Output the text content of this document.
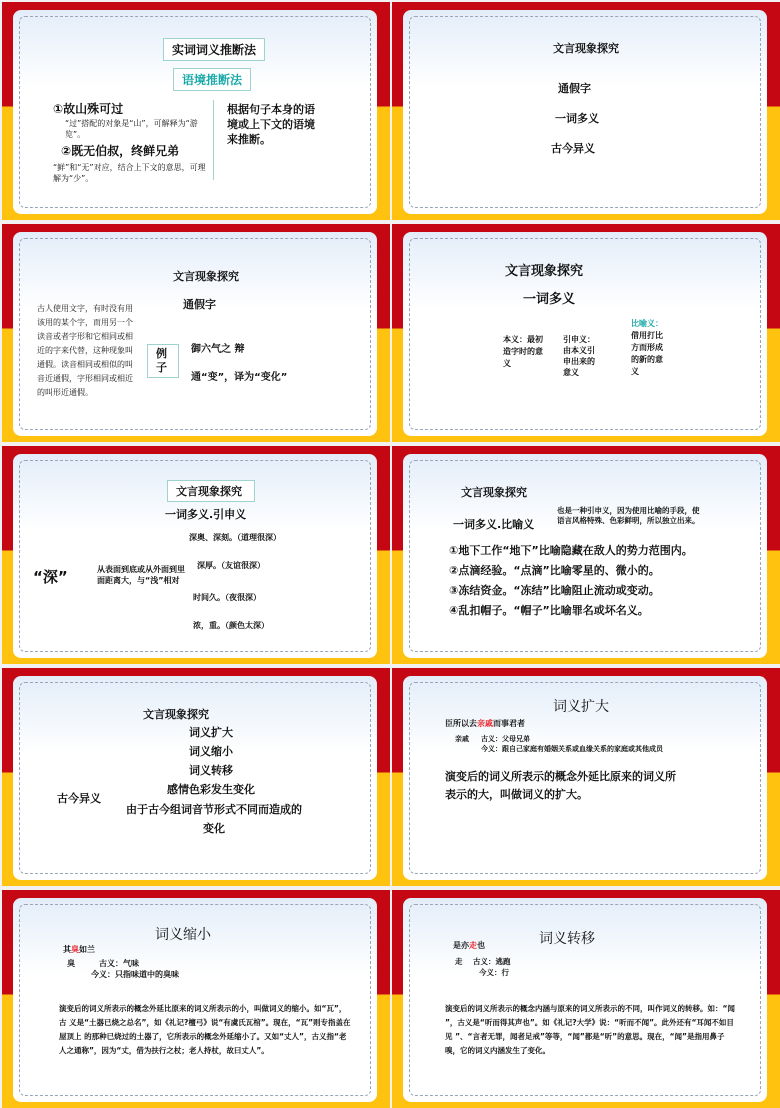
实词词义推断法
语境推断法
①故山殊可过
“过”搭配的对象是“山”，可解释为“游览”。
②既无伯叔，终鲜兄弟
“鲜”和“无”对应，结合上下文的意思，可理解为“少”。
根据句子本身的语境或上下文的语境来推断。
文言现象探究
通假字
一词多义
古今异义
文言现象探究
通假字
古人使用文字，有时没有用该用的某个字，而用另一个读音或者字形和它相同或相近的字来代替，这种现象叫通假。读音相同或相似的叫音近通假，字形相同或相近的叫形近通假。
例子
御六气之 辩
通“变”，译为“变化”
文言现象探究
一词多义
本义：最初造字时的意义
引申义：由本义引申出来的意义
比喻义：
借用打比方而形成的新的意义
文言现象探究
一词多义.引申义
“深”	从表面到底或从外面到里面距离大，与“浅”相对
深奥、深刻。（道理很深）
深厚。（友谊很深）
时间久。（夜很深）
浓，重。（颜色太深）
文言现象探究
一词多义.比喻义
也是一种引申义，因为使用比喻的手段，使语言风格特殊、色彩鲜明，所以独立出来。
①地下工作“地下”比喻隐藏在敌人的势力范围内。
②点滴经验。“点滴”比喻零星的、微小的。
③冻结资金。“冻结”比喻阻止流动或变动。
④乱扣帽子。“帽子”比喻罪名或坏名义。
文言现象探究
古今异义
词义扩大
词义缩小
词义转移
感情色彩发生变化
由于古今组词音节形式不同而造成的变化
词义扩大
臣所以去亲戚而事君者
亲戚 古义：父母兄弟
今义：跟自己家庭有婚姻关系或血缘关系的家庭或其他成员
演变后的词义所表示的概念外延比原来的词义所表示的大，叫做词义的扩大。
词义缩小
其臭如兰
臭	古义：气味
今义：只指味道中的臭味
演变后的词义所表示的概念外延比原来的词义所表示的小，叫做词义的缩小。如“瓦”，古 义是“土器已烧之总名”，如《礼记?檀弓》说“有虞氏瓦棺”。现在，“瓦”则专指盖在屋顶上 的那种已烧过的土器了，它所表示的概念外延缩小了。又如“丈人”，古义指“老人之通称”，因为“丈，借为扶行之杖；老人持杖，故曰丈人”。
词义转移
是亦走也
走 古义：逃跑
今义：行
演变后的词义所表示的概念内涵与原来的词义所表示的不同，叫作词义的转移。如：“闻 ”，古义是“听而得其声也”。如《礼记?大学》说：“听而不闻”。此外还有“耳闻不如目见 ”、“言者无罪，闻者足戒”等等，“闻”都是“听”的意思。现在，“闻”是指用鼻子嗅，它的词义内涵发生了变化。
